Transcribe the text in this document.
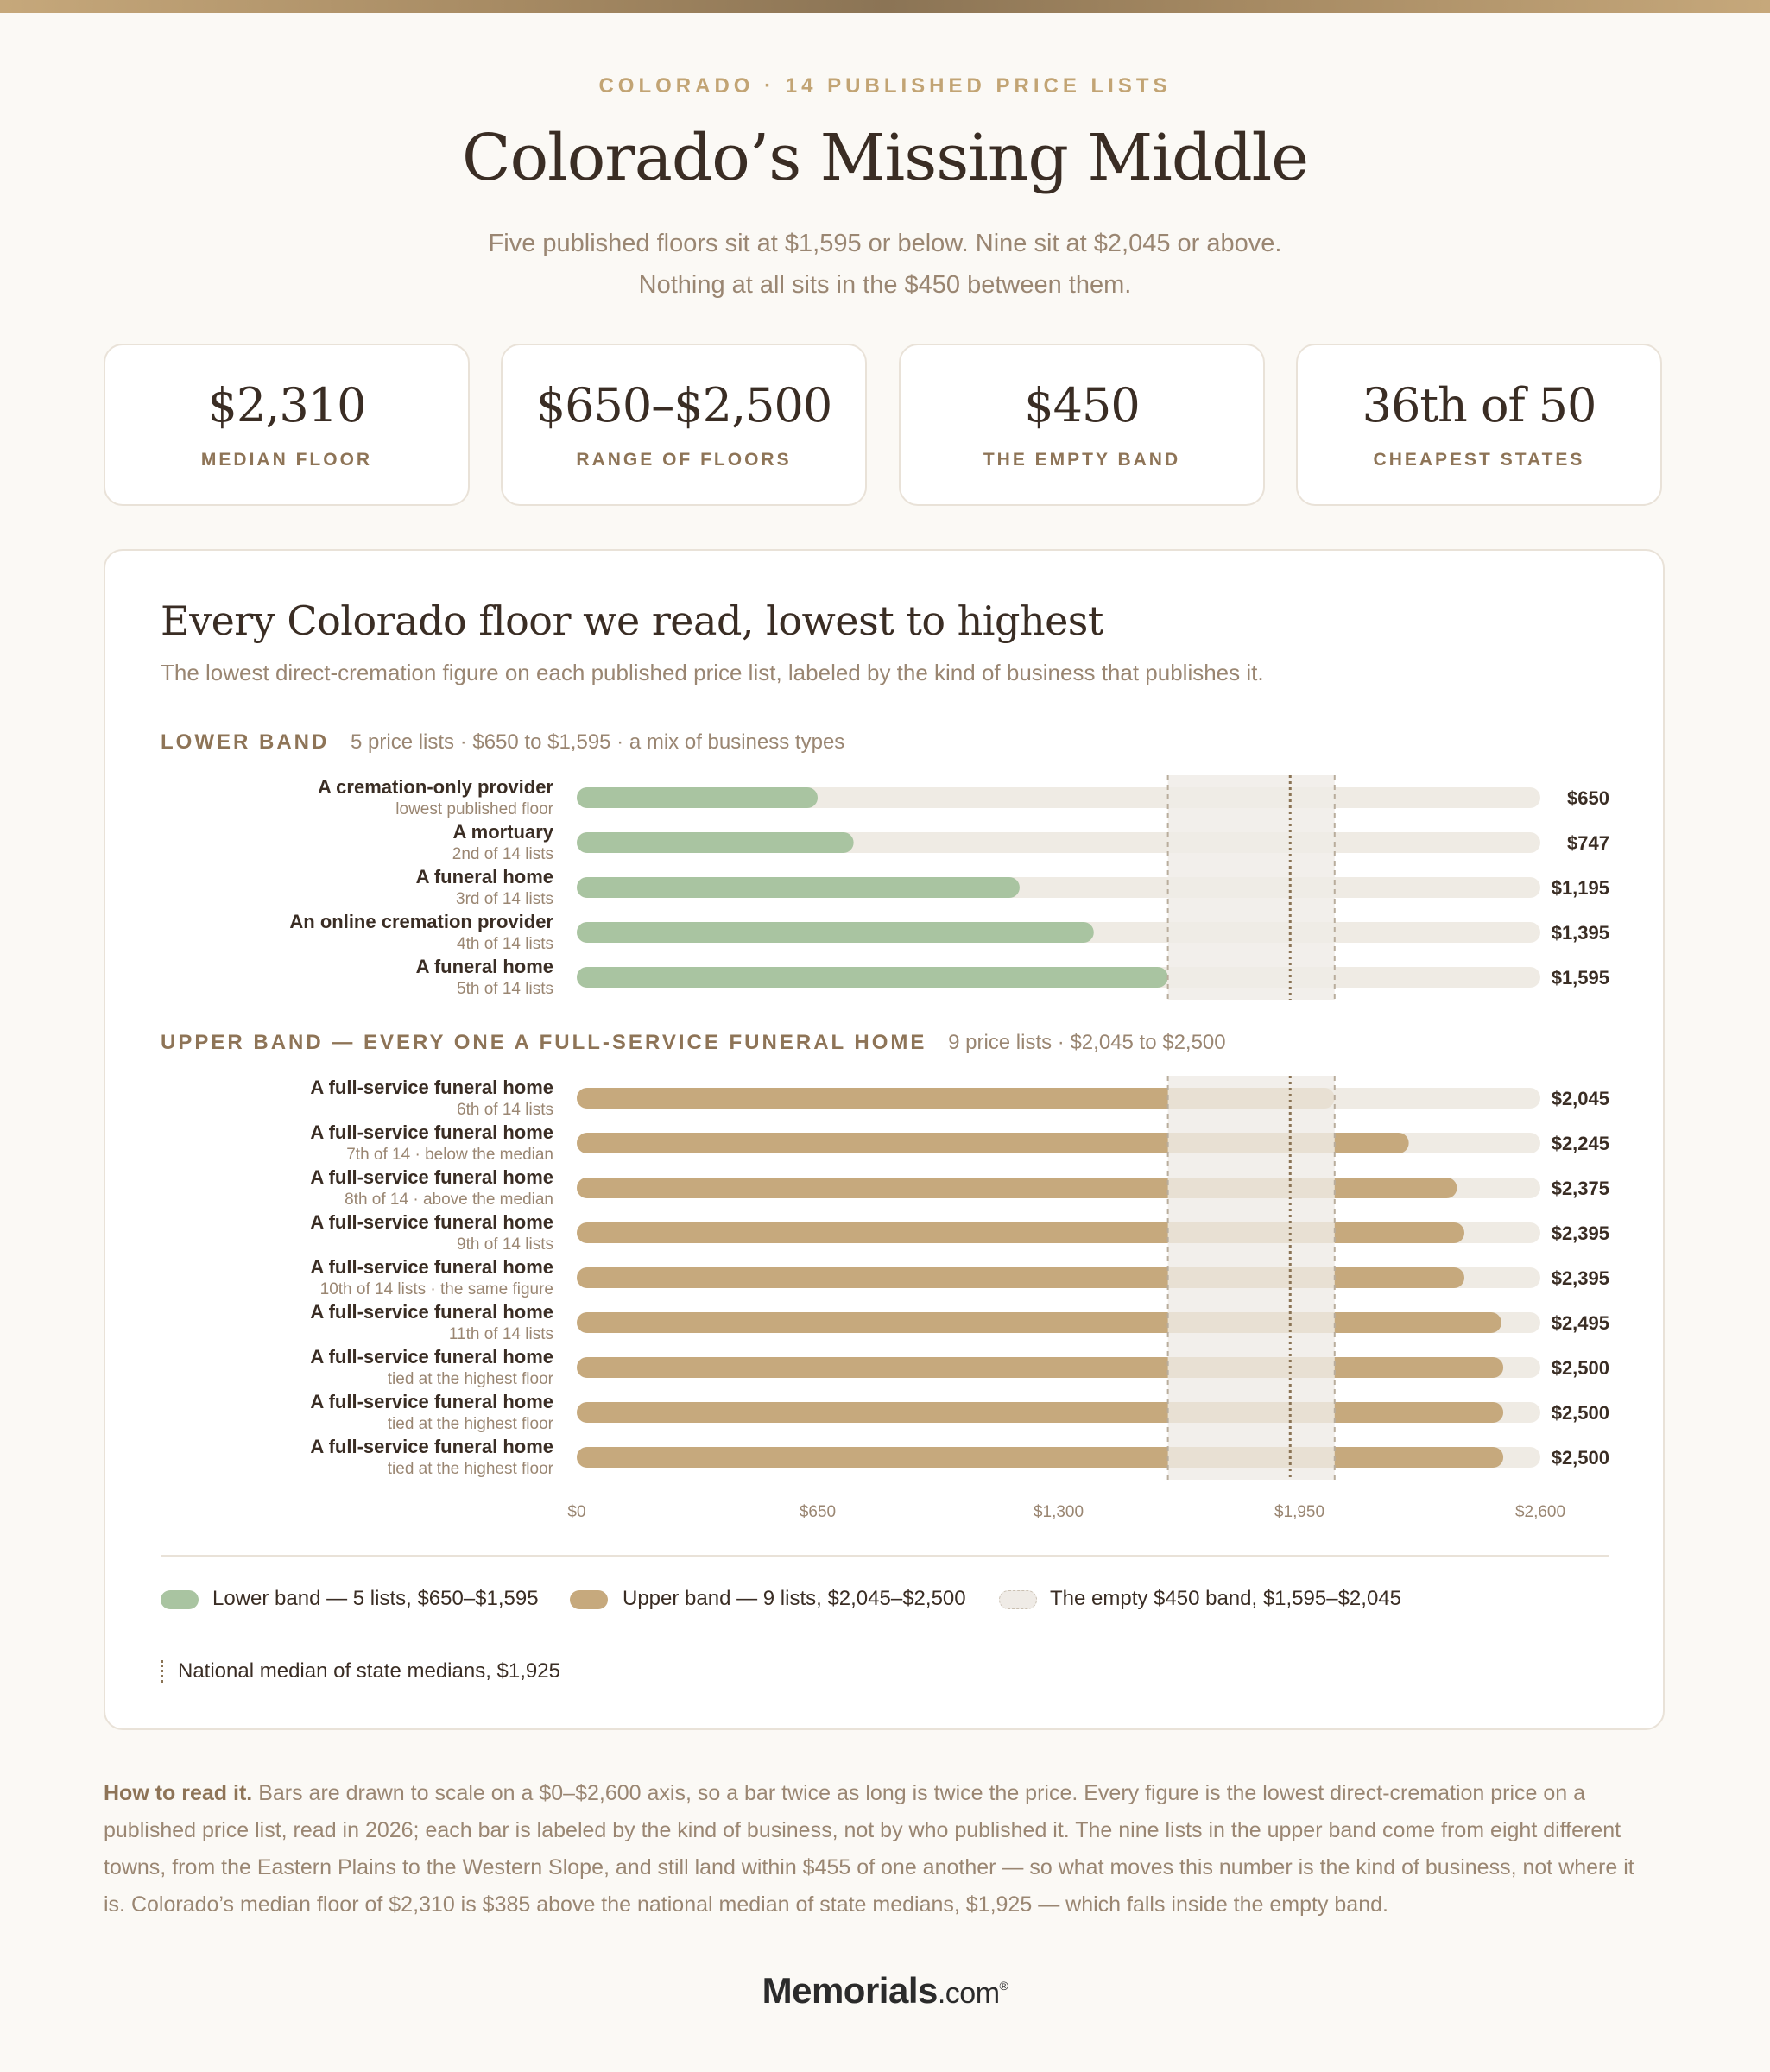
COLORADO · 14 PUBLISHED PRICE LISTS
Colorado’s Missing Middle
Five published floors sit at $1,595 or below. Nine sit at $2,045 or above.
Nothing at all sits in the $450 between them.
$2,310
MEDIAN FLOOR
$650–$2,500
RANGE OF FLOORS
$450
THE EMPTY BAND
36th of 50
CHEAPEST STATES
Every Colorado floor we read, lowest to highest
The lowest direct-cremation figure on each published price list, labeled by the kind of business that publishes it.
LOWER BAND 5 price lists · $650 to $1,595 · a mix of business types
UPPER BAND — EVERY ONE A FULL-SERVICE FUNERAL HOME 9 price lists · $2,045 to $2,500
A cremation-only provider
lowest published floor
$650
A mortuary
2nd of 14 lists
$747
A funeral home
3rd of 14 lists
$1,195
An online cremation provider
4th of 14 lists
$1,395
A funeral home
5th of 14 lists
$1,595
A full-service funeral home
6th of 14 lists
$2,045
A full-service funeral home
7th of 14 · below the median
$2,245
A full-service funeral home
8th of 14 · above the median
$2,375
A full-service funeral home
9th of 14 lists
$2,395
A full-service funeral home
10th of 14 lists · the same figure
$2,395
A full-service funeral home
11th of 14 lists
$2,495
A full-service funeral home
tied at the highest floor
$2,500
A full-service funeral home
tied at the highest floor
$2,500
A full-service funeral home
tied at the highest floor
$2,500
$0	$650	$1,300	$1,950	$2,600
Lower band — 5 lists, $650–$1,595	Upper band — 9 lists, $2,045–$2,500	The empty $450 band, $1,595–$2,045
National median of state medians, $1,925
How to read it. Bars are drawn to scale on a $0–$2,600 axis, so a bar twice as long is twice the price. Every figure is the lowest direct-cremation price on a published price list, read in 2026; each bar is labeled by the kind of business, not by who published it. The nine lists in the upper band come from eight different towns, from the Eastern Plains to the Western Slope, and still land within $455 of one another — so what moves this number is the kind of business, not where it is. Colorado’s median floor of $2,310 is $385 above the national median of state medians, $1,925 — which falls inside the empty band.
Memorials.com®
